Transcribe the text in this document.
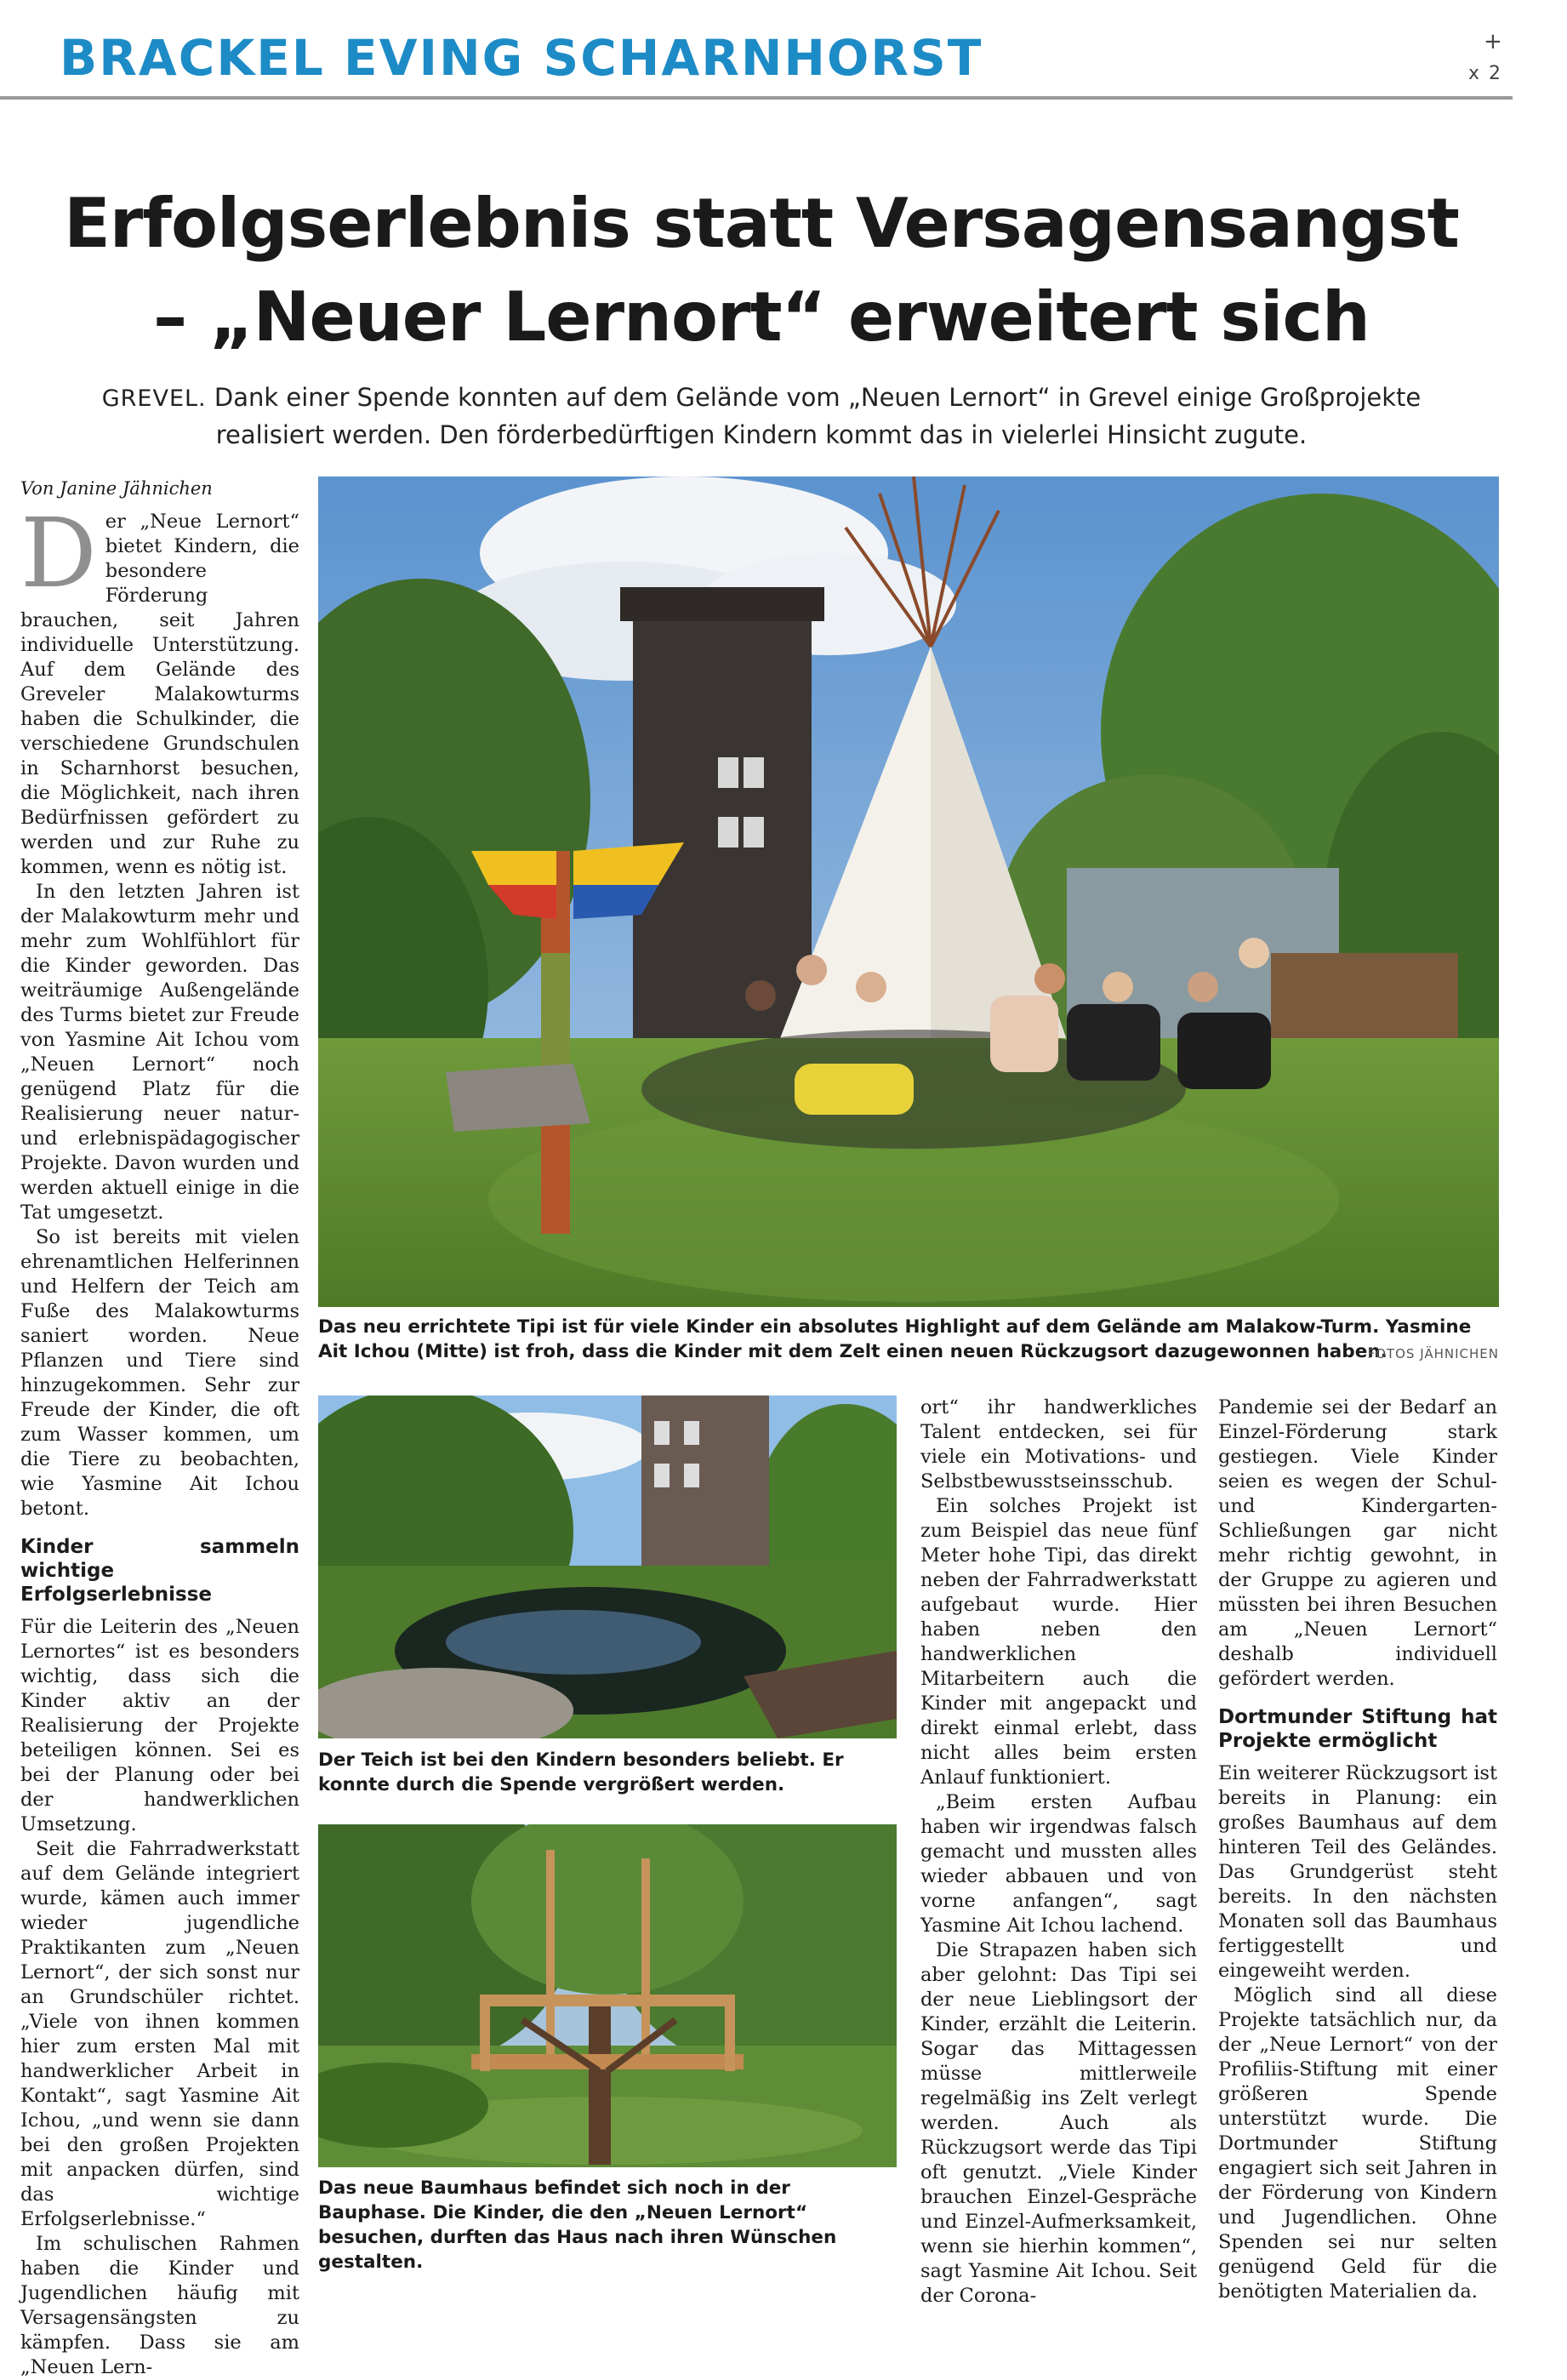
BRACKEL EVING SCHARNHORST	+
x 2
Erfolgserlebnis statt Versagensangst
– „Neuer Lernort“ erweitert sich
GREVEL. Dank einer Spende konnten auf dem Gelände vom „Neuen Lernort“ in Grevel einige Großprojekte realisiert werden. Den förderbedürftigen Kindern kommt das in vielerlei Hinsicht zugute.
Von Janine Jähnichen

Der „Neue Lernort“ bietet Kindern, die besondere Förderung brauchen, seit Jahren individuelle Unterstützung. Auf dem Gelände des Greveler Malakowturms haben die Schulkinder, die verschiedene Grundschulen in Scharnhorst besuchen, die Möglichkeit, nach ihren Bedürfnissen gefördert zu werden und zur Ruhe zu kommen, wenn es nötig ist.

In den letzten Jahren ist der Malakowturm mehr und mehr zum Wohlfühlort für die Kinder geworden. Das weiträumige Außengelände des Turms bietet zur Freude von Yasmine Ait Ichou vom „Neuen Lernort“ noch genügend Platz für die Realisierung neuer natur- und erlebnispädagogischer Projekte. Davon wurden und werden aktuell einige in die Tat umgesetzt.

So ist bereits mit vielen ehrenamtlichen Helferinnen und Helfern der Teich am Fuße des Malakowturms saniert worden. Neue Pflanzen und Tiere sind hinzugekommen. Sehr zur Freude der Kinder, die oft zum Wasser kommen, um die Tiere zu beobachten, wie Yasmine Ait Ichou betont.

Kinder sammeln wichtige Erfolgserlebnisse

Für die Leiterin des „Neuen Lernortes“ ist es besonders wichtig, dass sich die Kinder aktiv an der Realisierung der Projekte beteiligen können. Sei es bei der Planung oder bei der handwerklichen Umsetzung.

Seit die Fahrradwerkstatt auf dem Gelände integriert wurde, kämen auch immer wieder jugendliche Praktikanten zum „Neuen Lernort“, der sich sonst nur an Grundschüler richtet. „Viele von ihnen kommen hier zum ersten Mal mit handwerklicher Arbeit in Kontakt“, sagt Yasmine Ait Ichou, „und wenn sie dann bei den großen Projekten mit anpacken dürfen, sind das wichtige Erfolgserlebnisse.“

Im schulischen Rahmen haben die Kinder und Jugendlichen häufig mit Versagensängsten zu kämpfen. Dass sie am „Neuen Lern-

Das neu errichtete Tipi ist für viele Kinder ein absolutes Highlight auf dem Gelände am Malakow-Turm. Yasmine Ait Ichou (Mitte) ist froh, dass die Kinder mit dem Zelt einen neuen Rückzugsort dazugewonnen haben.
FOTOS JÄHNICHEN
Der Teich ist bei den Kindern besonders beliebt. Er konnte durch die Spende vergrößert werden.
Das neue Baumhaus befindet sich noch in der Bauphase. Die Kinder, die den „Neuen Lernort“ besuchen, durften das Haus nach ihren Wünschen gestalten.

ort“ ihr handwerkliches Talent entdecken, sei für viele ein Motivations- und Selbstbewusstseinsschub.

Ein solches Projekt ist zum Beispiel das neue fünf Meter hohe Tipi, das direkt neben der Fahrradwerkstatt aufgebaut wurde. Hier haben neben den handwerklichen Mitarbeitern auch die Kinder mit angepackt und direkt einmal erlebt, dass nicht alles beim ersten Anlauf funktioniert.

„Beim ersten Aufbau haben wir irgendwas falsch gemacht und mussten alles wieder abbauen und von vorne anfangen“, sagt Yasmine Ait Ichou lachend.

Die Strapazen haben sich aber gelohnt: Das Tipi sei der neue Lieblingsort der Kinder, erzählt die Leiterin. Sogar das Mittagessen müsse mittlerweile regelmäßig ins Zelt verlegt werden. Auch als Rückzugsort werde das Tipi oft genutzt. „Viele Kinder brauchen Einzel-Gespräche und Einzel-Aufmerksamkeit, wenn sie hierhin kommen“, sagt Yasmine Ait Ichou. Seit der Corona-

Pandemie sei der Bedarf an Einzel-Förderung stark gestiegen. Viele Kinder seien es wegen der Schul- und Kindergarten-Schließungen gar nicht mehr richtig gewohnt, in der Gruppe zu agieren und müssten bei ihren Besuchen am „Neuen Lernort“ deshalb individuell gefördert werden.

Dortmunder Stiftung hat Projekte ermöglicht

Ein weiterer Rückzugsort ist bereits in Planung: ein großes Baumhaus auf dem hinteren Teil des Geländes. Das Grundgerüst steht bereits. In den nächsten Monaten soll das Baumhaus fertiggestellt und eingeweiht werden.

Möglich sind all diese Projekte tatsächlich nur, da der „Neue Lernort“ von der Profiliis-Stiftung mit einer größeren Spende unterstützt wurde. Die Dortmunder Stiftung engagiert sich seit Jahren in der Förderung von Kindern und Jugendlichen. Ohne Spenden sei nur selten genügend Geld für die benötigten Materialien da.
